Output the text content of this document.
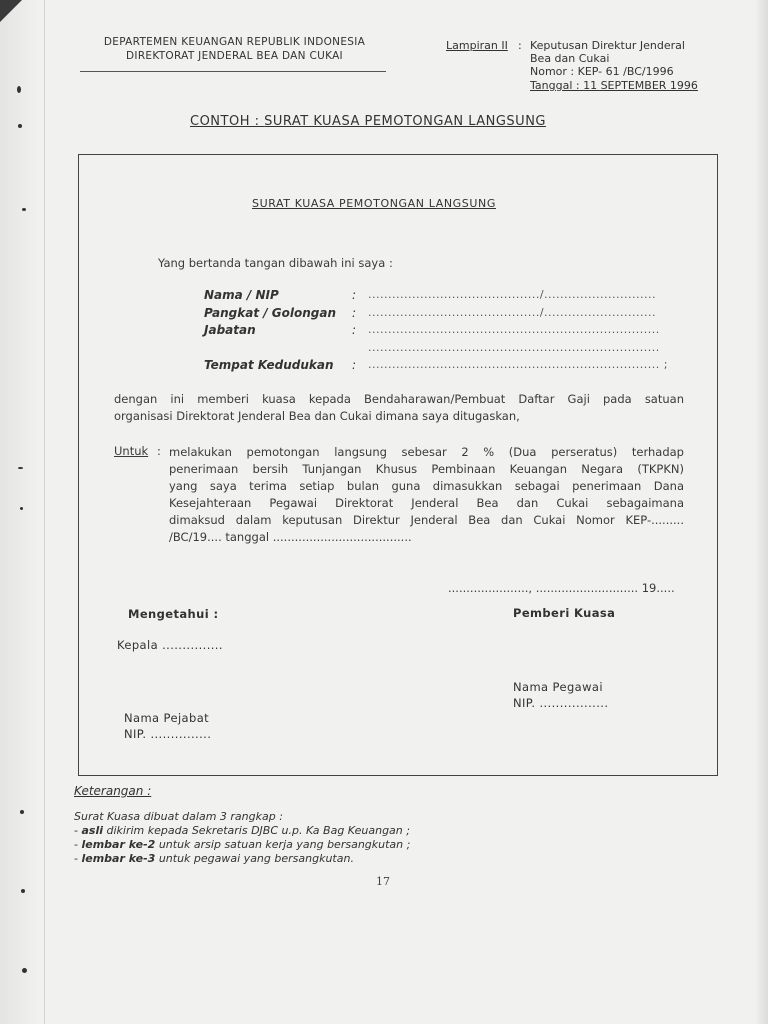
DEPARTEMEN KEUANGAN REPUBLIK INDONESIA
DIREKTORAT JENDERAL BEA DAN CUKAI
Lampiran II : Keputusan Direktur Jenderal
Bea dan Cukai
Nomor : KEP- 61 /BC/1996
Tanggal : 11 SEPTEMBER 1996
CONTOH : SURAT KUASA PEMOTONGAN LANGSUNG
SURAT KUASA PEMOTONGAN LANGSUNG
Yang bertanda tangan dibawah ini saya :
Nama / NIP	: .........................................../............................
Pangkat / Golongan : .........................................../............................
Jabatan	: .........................................................................
.........................................................................
Tempat Kedudukan : ......................................................................... ;
dengan ini memberi kuasa kepada Bendaharawan/Pembuat Daftar Gaji pada satuan
organisasi Direktorat Jenderal Bea dan Cukai dimana saya ditugaskan,
Untuk : melakukan pemotongan langsung sebesar 2 % (Dua perseratus) terhadap
penerimaan bersih Tunjangan Khusus Pembinaan Keuangan Negara (TKPKN)
yang saya terima setiap bulan guna dimasukkan sebagai penerimaan Dana
Kesejahteraan Pegawai Direktorat Jenderal Bea dan Cukai sebagaimana
dimaksud dalam keputusan Direktur Jenderal Bea dan Cukai Nomor KEP-.........
/BC/19.... tanggal ......................................
......................, ............................ 19.....
Mengetahui :	Pemberi Kuasa
Kepala ...............
Nama Pegawai
NIP. .................
Nama Pejabat
NIP. ...............
Keterangan :
Surat Kuasa dibuat dalam 3 rangkap :
- asli dikirim kepada Sekretaris DJBC u.p. Ka Bag Keuangan ;
- lembar ke-2 untuk arsip satuan kerja yang bersangkutan ;
- lembar ke-3 untuk pegawai yang bersangkutan.
17
